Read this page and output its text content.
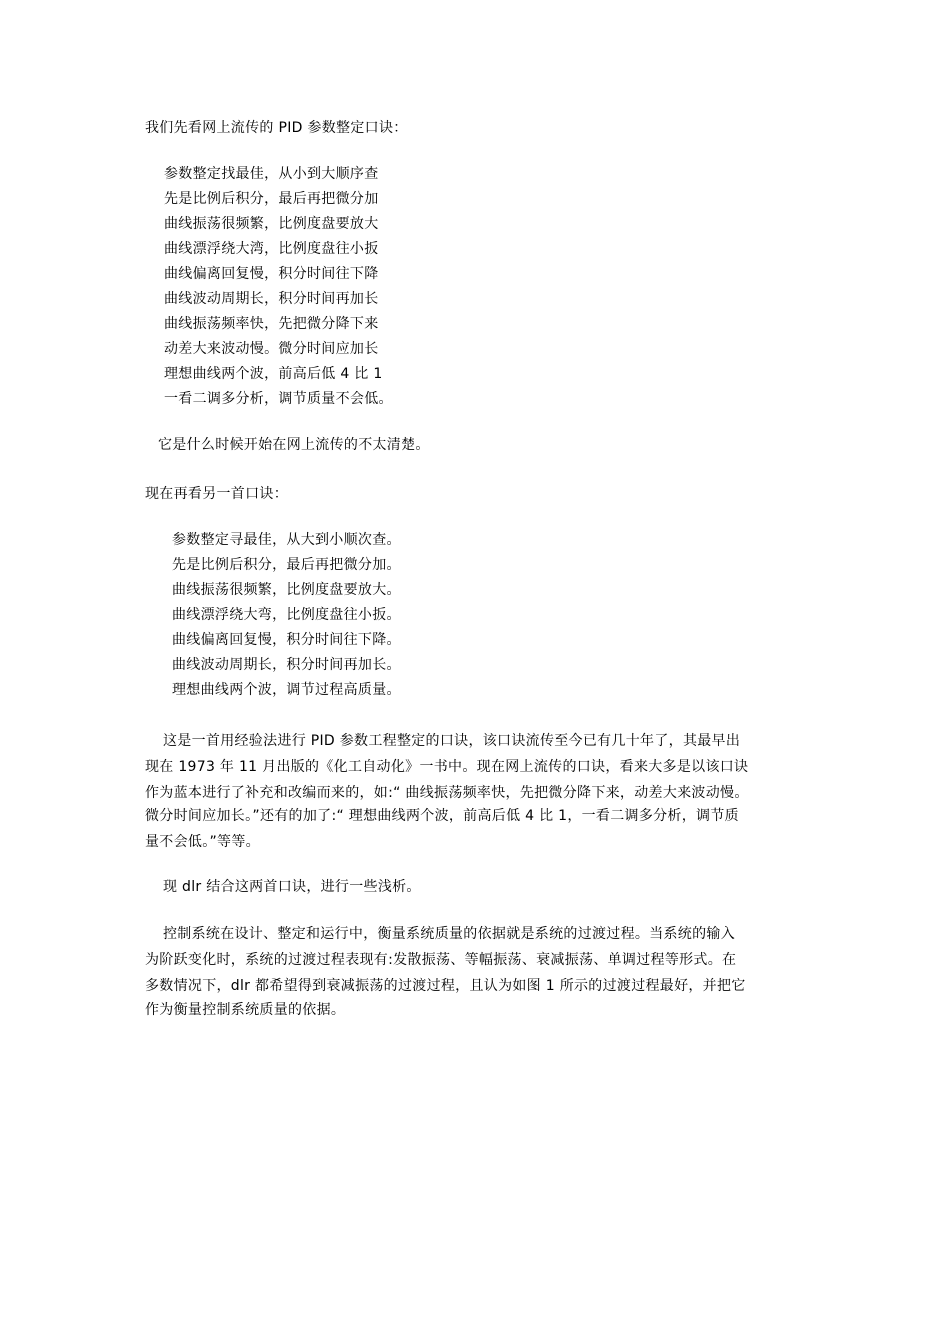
我们先看网上流传的 PID 参数整定口诀：
参数整定找最佳，从小到大顺序查
先是比例后积分，最后再把微分加
曲线振荡很频繁，比例度盘要放大
曲线漂浮绕大湾，比例度盘往小扳
曲线偏离回复慢，积分时间往下降
曲线波动周期长，积分时间再加长
曲线振荡频率快，先把微分降下来
动差大来波动慢。微分时间应加长
理想曲线两个波，前高后低 4 比 1
一看二调多分析，调节质量不会低。
它是什么时候开始在网上流传的不太清楚。
现在再看另一首口诀：
参数整定寻最佳，从大到小顺次查。
先是比例后积分，最后再把微分加。
曲线振荡很频繁，比例度盘要放大。
曲线漂浮绕大弯，比例度盘往小扳。
曲线偏离回复慢，积分时间往下降。
曲线波动周期长，积分时间再加长。
理想曲线两个波，调节过程高质量。
这是一首用经验法进行 PID 参数工程整定的口诀，该口诀流传至今已有几十年了，其最早出
现在 1973 年 11 月出版的《化工自动化》一书中。现在网上流传的口诀，看来大多是以该口诀
作为蓝本进行了补充和改编而来的，如:“ 曲线振荡频率快，先把微分降下来，动差大来波动慢。
微分时间应加长。”还有的加了:“ 理想曲线两个波，前高后低 4 比 1，一看二调多分析，调节质
量不会低。”等等。
现 dlr 结合这两首口诀，进行一些浅析。
控制系统在设计、整定和运行中，衡量系统质量的依据就是系统的过渡过程。当系统的输入
为阶跃变化时，系统的过渡过程表现有:发散振荡、等幅振荡、衰减振荡、单调过程等形式。在
多数情况下，dlr 都希望得到衰减振荡的过渡过程，且认为如图 1 所示的过渡过程最好，并把它
作为衡量控制系统质量的依据。
